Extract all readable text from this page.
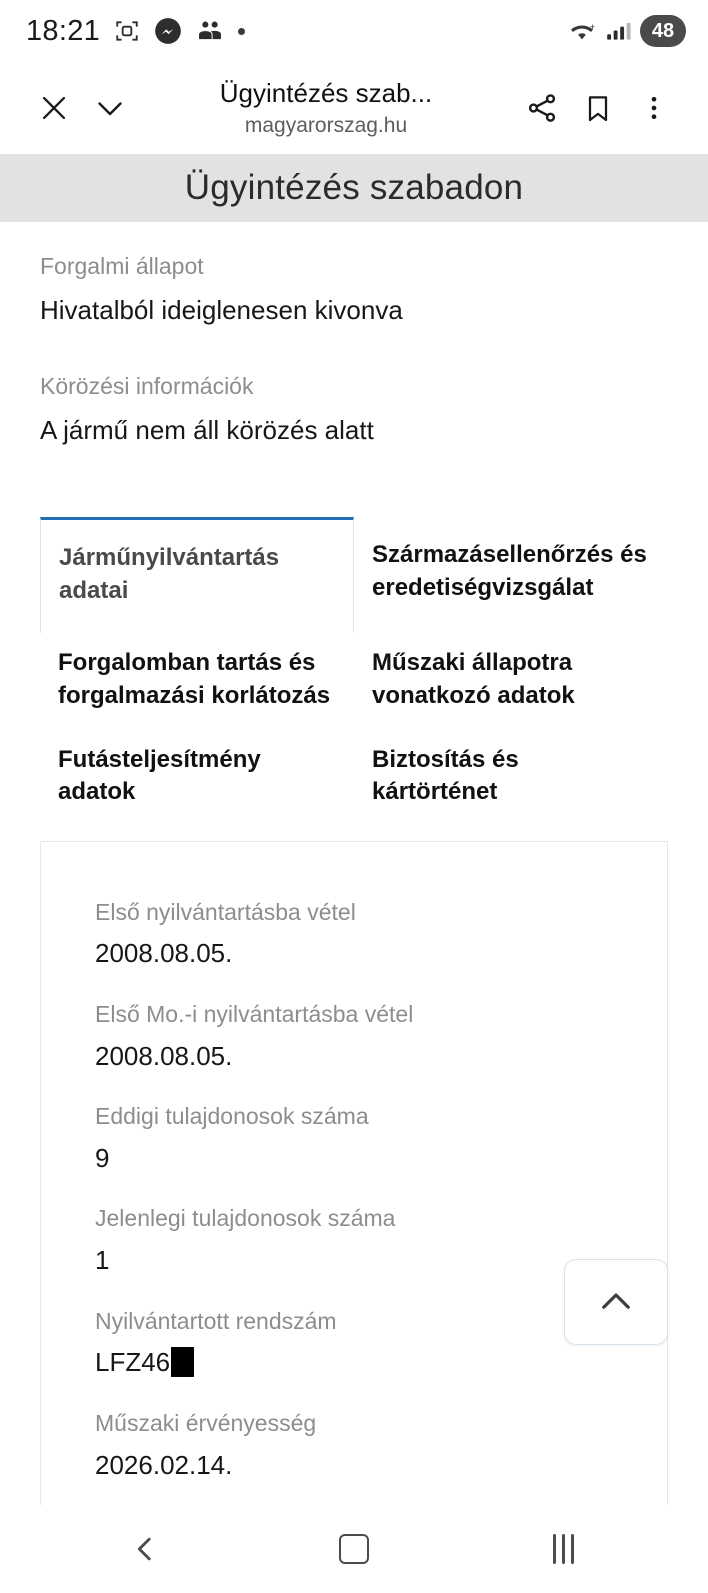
18:21	+	48
Ügyintézés szab...
magyarorszag.hu
Ügyintézés szabadon
Forgalmi állapot
Hivatalból ideiglenesen kivonva
Körözési információk
A jármű nem áll körözés alatt
Járműnyilvántartás adatai
Származásellenőrzés és eredetiségvizsgálat
Forgalomban tartás és forgalmazási korlátozás
Műszaki állapotra vonatkozó adatok
Futásteljesítmény adatok
Biztosítás és kártörténet
Első nyilvántartásba vétel
2008.08.05.
Első Mo.-i nyilvántartásba vétel
2008.08.05.
Eddigi tulajdonosok száma
9
Jelenlegi tulajdonosok száma
1
Nyilvántartott rendszám
LFZ46
Műszaki érvényesség
2026.02.14.
